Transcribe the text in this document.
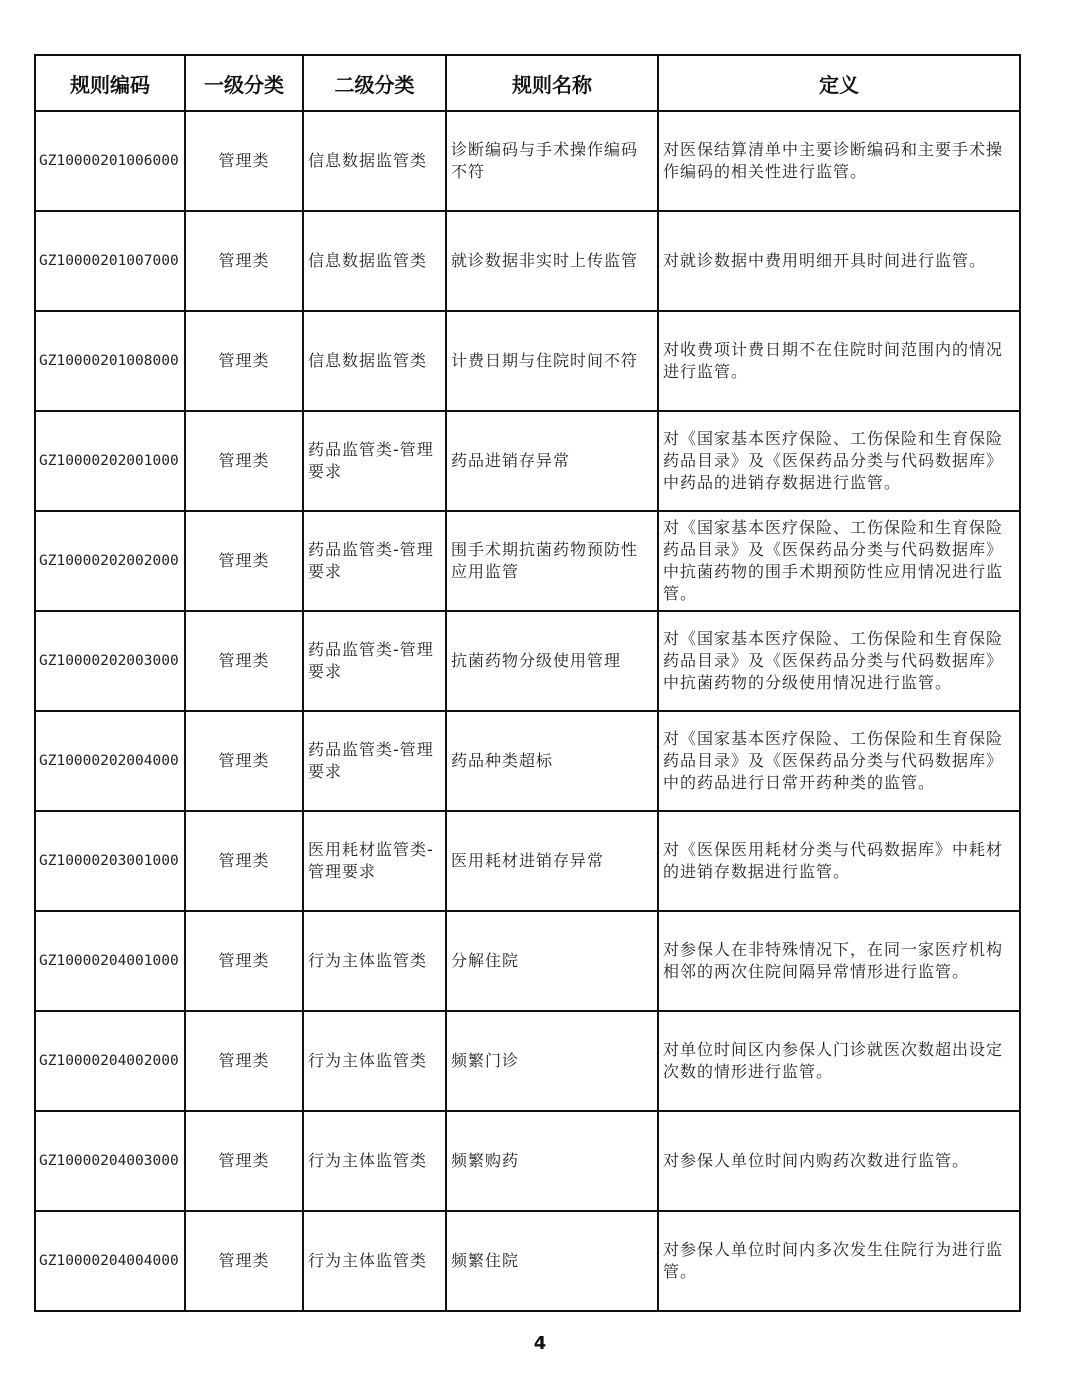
规则编码	一级分类	二级分类	规则名称	定义
GZ10000201006000	管理类	信息数据监管类	诊断编码与手术操作编码不符	对医保结算清单中主要诊断编码和主要手术操作编码的相关性进行监管。
GZ10000201007000	管理类	信息数据监管类	就诊数据非实时上传监管	对就诊数据中费用明细开具时间进行监管。
GZ10000201008000	管理类	信息数据监管类	计费日期与住院时间不符	对收费项计费日期不在住院时间范围内的情况进行监管。
GZ10000202001000	管理类	药品监管类-管理要求	药品进销存异常	对《国家基本医疗保险、工伤保险和生育保险药品目录》及《医保药品分类与代码数据库》中药品的进销存数据进行监管。
GZ10000202002000	管理类	药品监管类-管理要求	围手术期抗菌药物预防性应用监管	对《国家基本医疗保险、工伤保险和生育保险药品目录》及《医保药品分类与代码数据库》中抗菌药物的围手术期预防性应用情况进行监管。
GZ10000202003000	管理类	药品监管类-管理要求	抗菌药物分级使用管理	对《国家基本医疗保险、工伤保险和生育保险药品目录》及《医保药品分类与代码数据库》中抗菌药物的分级使用情况进行监管。
GZ10000202004000	管理类	药品监管类-管理要求	药品种类超标	对《国家基本医疗保险、工伤保险和生育保险药品目录》及《医保药品分类与代码数据库》中的药品进行日常开药种类的监管。
GZ10000203001000	管理类	医用耗材监管类-管理要求	医用耗材进销存异常	对《医保医用耗材分类与代码数据库》中耗材的进销存数据进行监管。
GZ10000204001000	管理类	行为主体监管类	分解住院	对参保人在非特殊情况下，在同一家医疗机构相邻的两次住院间隔异常情形进行监管。
GZ10000204002000	管理类	行为主体监管类	频繁门诊	对单位时间区内参保人门诊就医次数超出设定次数的情形进行监管。
GZ10000204003000	管理类	行为主体监管类	频繁购药	对参保人单位时间内购药次数进行监管。
GZ10000204004000	管理类	行为主体监管类	频繁住院	对参保人单位时间内多次发生住院行为进行监管。
4
